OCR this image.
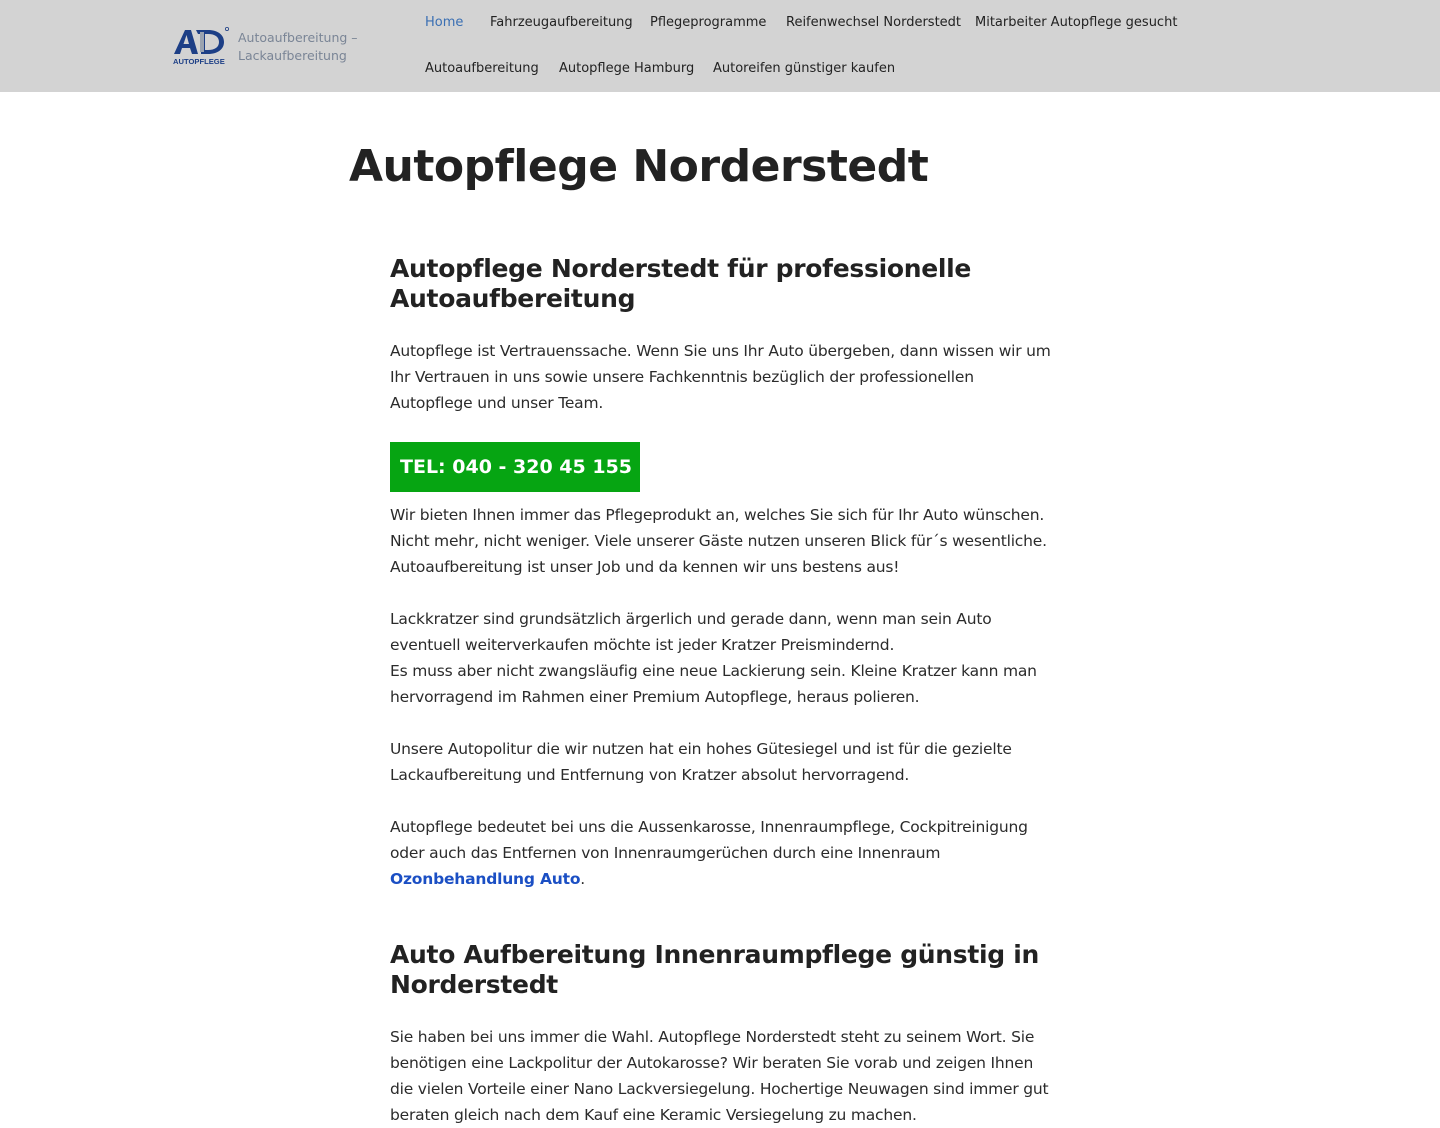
AUTOPFLEGE
Autoaufbereitung – Lackaufbereitung
Home Fahrzeugaufbereitung Pflegeprogramme Reifenwechsel Norderstedt Mitarbeiter Autopflege gesucht
Autoaufbereitung Autopflege Hamburg Autoreifen günstiger kaufen
Autopflege Norderstedt
Autopflege Norderstedt für professionelle Autoaufbereitung

Autopflege ist Vertrauenssache. Wenn Sie uns Ihr Auto übergeben, dann wissen wir um Ihr Vertrauen in uns sowie unsere Fachkenntnis bezüglich der professionellen Autopflege und unser Team.

TEL: 040 - 320 45 155

Wir bieten Ihnen immer das Pflegeprodukt an, welches Sie sich für Ihr Auto wünschen. Nicht mehr, nicht weniger. Viele unserer Gäste nutzen unseren Blick für´s wesentliche. Autoaufbereitung ist unser Job und da kennen wir uns bestens aus!

Lackkratzer sind grundsätzlich ärgerlich und gerade dann, wenn man sein Auto eventuell weiterverkaufen möchte ist jeder Kratzer Preismindernd.

Es muss aber nicht zwangsläufig eine neue Lackierung sein. Kleine Kratzer kann man hervorragend im Rahmen einer Premium Autopflege, heraus polieren.

Unsere Autopolitur die wir nutzen hat ein hohes Gütesiegel und ist für die gezielte Lackaufbereitung und Entfernung von Kratzer absolut hervorragend.

Autopflege bedeutet bei uns die Aussenkarosse, Innenraumpflege, Cockpitreinigung oder auch das Entfernen von Innenraumgerüchen durch eine Innenraum Ozonbehandlung Auto.

Auto Aufbereitung Innenraumpflege günstig in Norderstedt

Sie haben bei uns immer die Wahl. Autopflege Norderstedt steht zu seinem Wort. Sie benötigen eine Lackpolitur der Autokarosse? Wir beraten Sie vorab und zeigen Ihnen die vielen Vorteile einer Nano Lackversiegelung. Hochertige Neuwagen sind immer gut beraten gleich nach dem Kauf eine Keramic Versiegelung zu machen.
